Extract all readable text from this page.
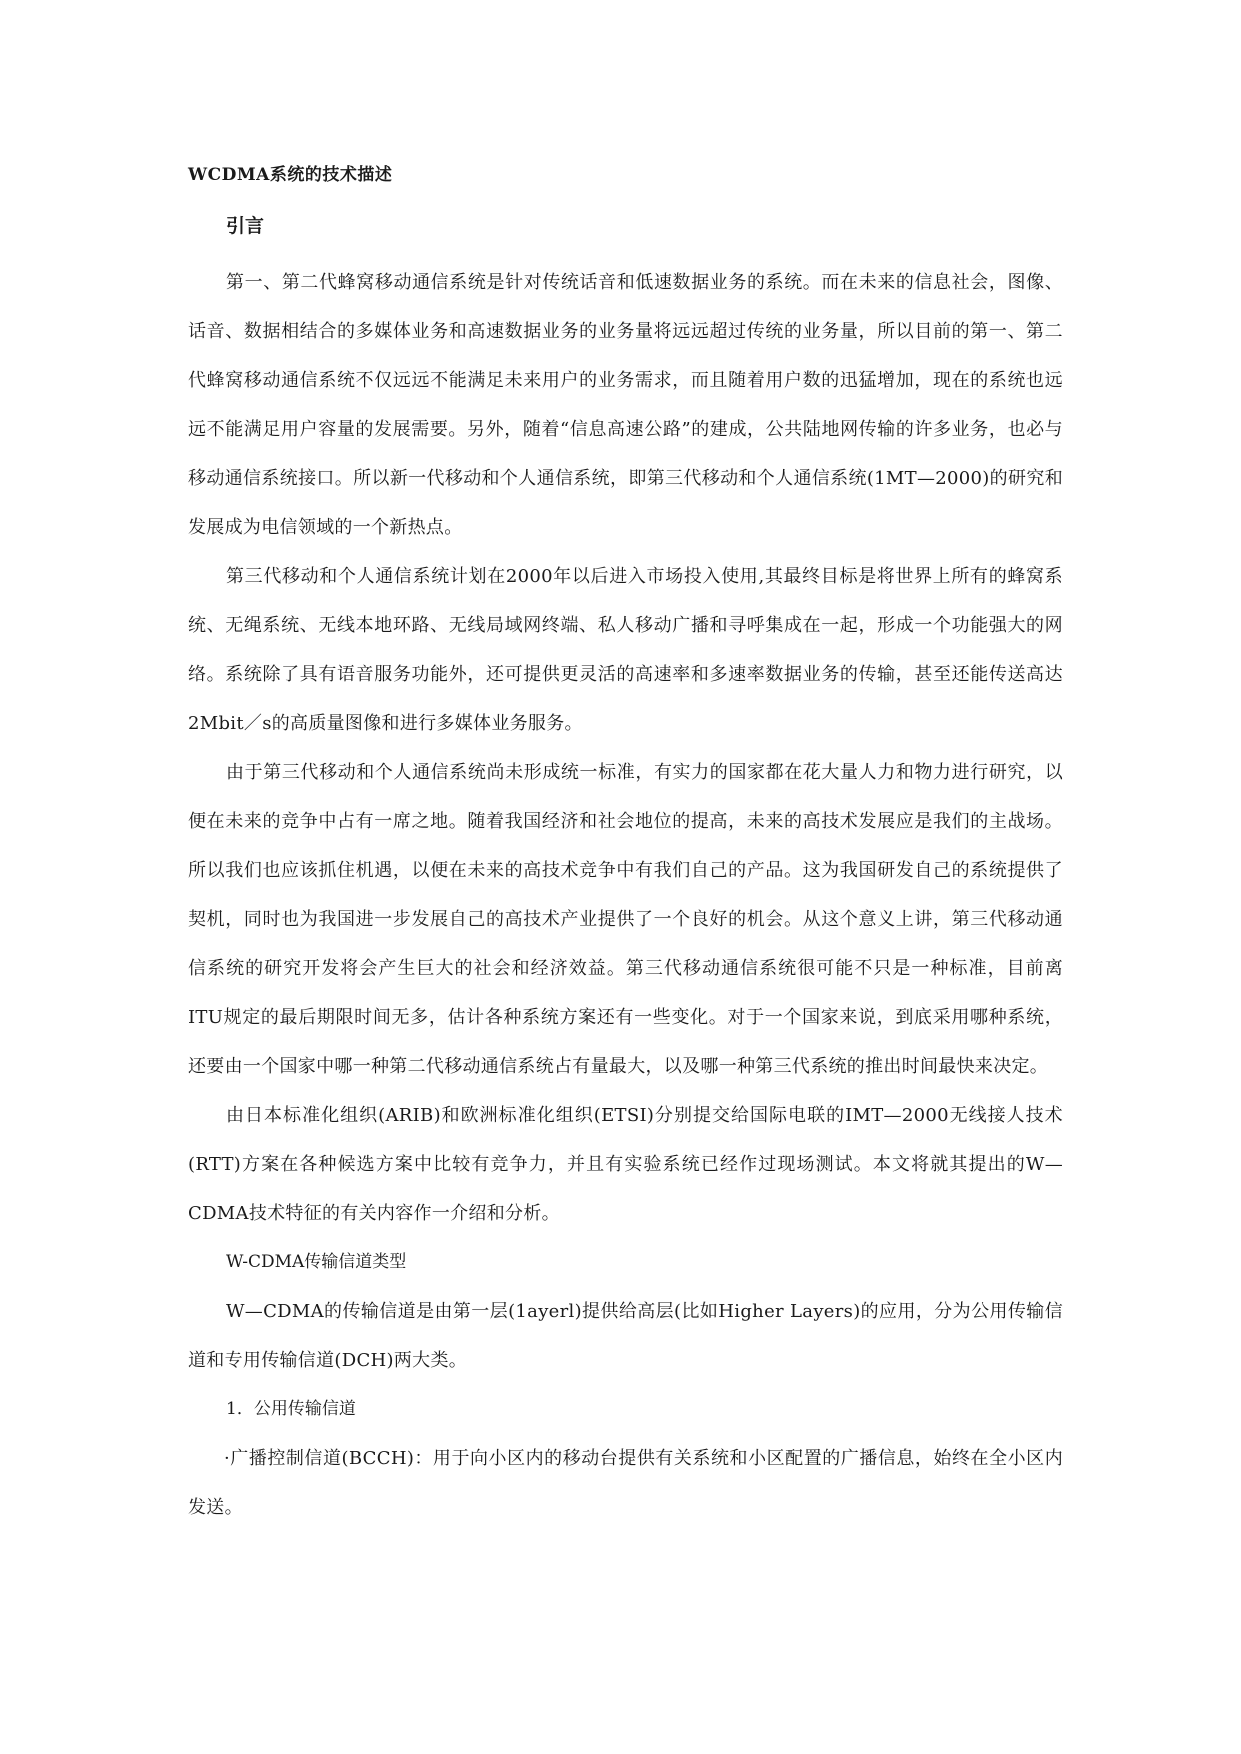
WCDMA系统的技术描述
引言

第一、第二代蜂窝移动通信系统是针对传统话音和低速数据业务的系统。而在未来的信息社会，图像、话音、数据相结合的多媒体业务和高速数据业务的业务量将远远超过传统的业务量，所以目前的第一、第二代蜂窝移动通信系统不仅远远不能满足未来用户的业务需求，而且随着用户数的迅猛增加，现在的系统也远远不能满足用户容量的发展需要。另外，随着“信息高速公路”的建成，公共陆地网传输的许多业务，也必与移动通信系统接口。所以新一代移动和个人通信系统，即第三代移动和个人通信系统(1MT—2000)的研究和发展成为电信领域的一个新热点。

第三代移动和个人通信系统计划在2000年以后进入市场投入使用,其最终目标是将世界上所有的蜂窝系统、无绳系统、无线本地环路、无线局域网终端、私人移动广播和寻呼集成在一起，形成一个功能强大的网络。系统除了具有语音服务功能外，还可提供更灵活的高速率和多速率数据业务的传输，甚至还能传送高达2Mbit／s的高质量图像和进行多媒体业务服务。

由于第三代移动和个人通信系统尚未形成统一标准，有实力的国家都在花大量人力和物力进行研究，以便在未来的竞争中占有一席之地。随着我国经济和社会地位的提高，未来的高技术发展应是我们的主战场。所以我们也应该抓住机遇，以便在未来的高技术竞争中有我们自己的产品。这为我国研发自己的系统提供了契机，同时也为我国进一步发展自己的高技术产业提供了一个良好的机会。从这个意义上讲，第三代移动通信系统的研究开发将会产生巨大的社会和经济效益。第三代移动通信系统很可能不只是一种标准，目前离ITU规定的最后期限时间无多，估计各种系统方案还有一些变化。对于一个国家来说，到底采用哪种系统，还要由一个国家中哪一种第二代移动通信系统占有量最大，以及哪一种第三代系统的推出时间最快来决定。

由日本标准化组织(ARIB)和欧洲标准化组织(ETSI)分别提交给国际电联的IMT—2000无线接人技术(RTT)方案在各种候选方案中比较有竞争力，并且有实验系统已经作过现场测试。本文将就其提出的W—CDMA技术特征的有关内容作一介绍和分析。

W-CDMA传输信道类型

W—CDMA的传输信道是由第一层(1ayerl)提供给高层(比如Higher Layers)的应用，分为公用传输信道和专用传输信道(DCH)两大类。

1．公用传输信道

·广播控制信道(BCCH)：用于向小区内的移动台提供有关系统和小区配置的广播信息，始终在全小区内发送。
